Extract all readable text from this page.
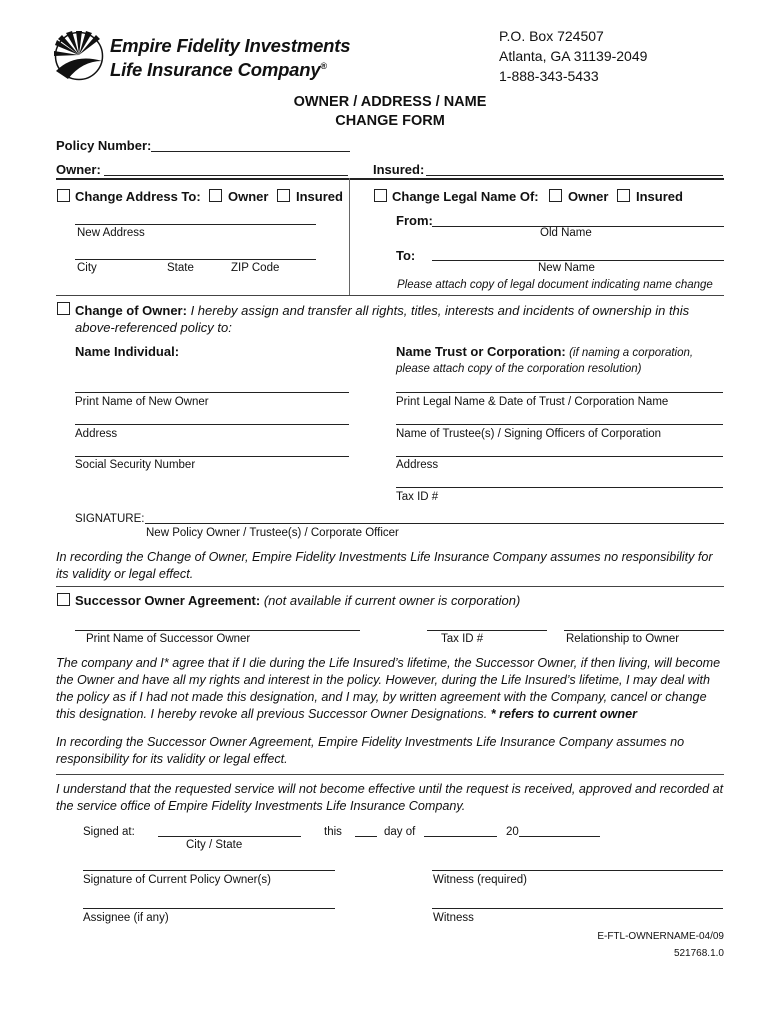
Empire Fidelity Investments
Life Insurance Company®
P.O. Box 724507
Atlanta, GA 31139-2049
1-888-343-5433
OWNER / ADDRESS / NAME
CHANGE FORM
Policy Number:
Owner:	Insured:
Change Address To: Owner Insured
New Address
City	State	ZIP Code
Change Legal Name Of: Owner Insured
From:
Old Name
To:
New Name
Please attach copy of legal document indicating name change
Change of Owner: I hereby assign and transfer all rights, titles, interests and incidents of ownership in this
above-referenced policy to:
Name Individual:	Name Trust or Corporation: (if naming a corporation,
please attach copy of the corporation resolution)
Print Name of New Owner	Print Legal Name & Date of Trust / Corporation Name
Address	Name of Trustee(s) / Signing Officers of Corporation
Social Security Number	Address
Tax ID #
SIGNATURE:
New Policy Owner / Trustee(s) / Corporate Officer
In recording the Change of Owner, Empire Fidelity Investments Life Insurance Company assumes no responsibility for
its validity or legal effect.
Successor Owner Agreement: (not available if current owner is corporation)
Print Name of Successor Owner	Tax ID #	Relationship to Owner
The company and I* agree that if I die during the Life Insured’s lifetime, the Successor Owner, if then living, will become
the Owner and have all my rights and interest in the policy. However, during the Life Insured’s lifetime, I may deal with
the policy as if I had not made this designation, and I may, by written agreement with the Company, cancel or change
this designation. I hereby revoke all previous Successor Owner Designations. * refers to current owner
In recording the Successor Owner Agreement, Empire Fidelity Investments Life Insurance Company assumes no
responsibility for its validity or legal effect.
I understand that the requested service will not become effective until the request is received, approved and recorded at
the service office of Empire Fidelity Investments Life Insurance Company.
Signed at:
City / State
this	day of	20
Signature of Current Policy Owner(s)	Witness (required)
Assignee (if any)	Witness
E-FTL-OWNERNAME-04/09
521768.1.0
